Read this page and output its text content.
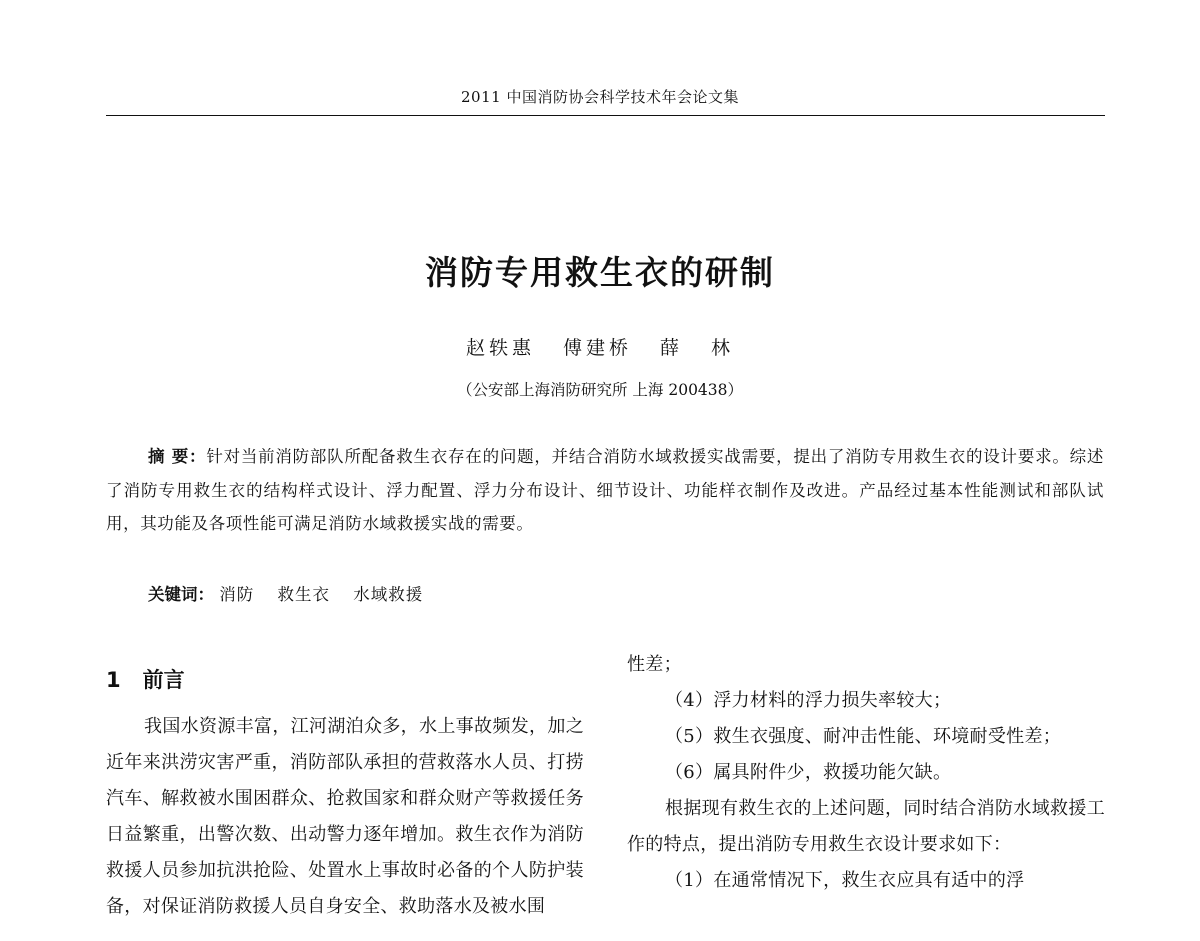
2011 中国消防协会科学技术年会论文集
消防专用救生衣的研制
赵轶惠 傅建桥 薛 林
（公安部上海消防研究所 上海 200438）
摘 要：针对当前消防部队所配备救生衣存在的问题，并结合消防水域救援实战需要，提出了消防专用救生衣的设计要求。综述了消防专用救生衣的结构样式设计、浮力配置、浮力分布设计、细节设计、功能样衣制作及改进。产品经过基本性能测试和部队试用，其功能及各项性能可满足消防水域救援实战的需要。
关键词： 消防 救生衣 水域救援
1 前言
我国水资源丰富，江河湖泊众多，水上事故频发，加之近年来洪涝灾害严重，消防部队承担的营救落水人员、打捞汽车、解救被水围困群众、抢救国家和群众财产等救援任务日益繁重，出警次数、出动警力逐年增加。救生衣作为消防救援人员参加抗洪抢险、处置水上事故时必备的个人防护装备，对保证消防救援人员自身安全、救助落水及被水围

性差；

（4）浮力材料的浮力损失率较大；

（5）救生衣强度、耐冲击性能、环境耐受性差；

（6）属具附件少，救援功能欠缺。

根据现有救生衣的上述问题，同时结合消防水域救援工作的特点，提出消防专用救生衣设计要求如下：

（1）在通常情况下，救生衣应具有适中的浮
